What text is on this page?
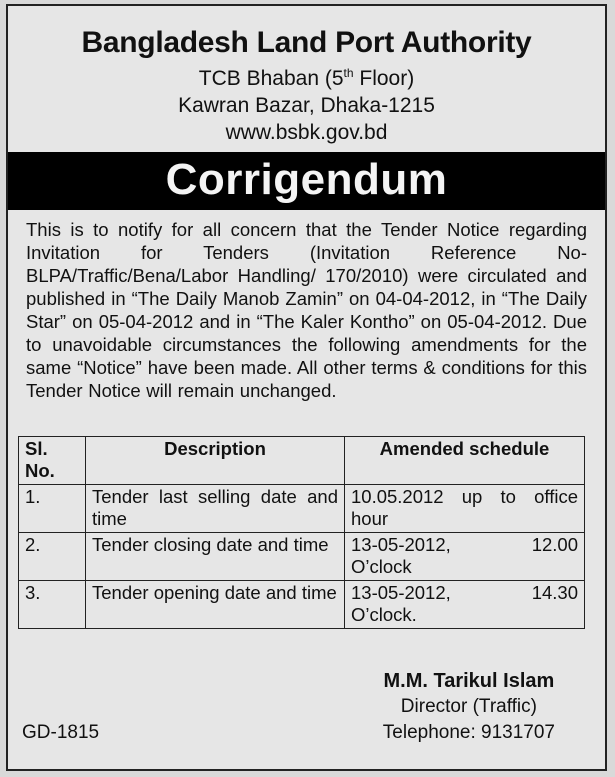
Bangladesh Land Port Authority
TCB Bhaban (5th Floor)
Kawran Bazar, Dhaka-1215
www.bsbk.gov.bd
Corrigendum
This is to notify for all concern that the Tender Notice regarding Invitation for Tenders (Invitation Reference No-BLPA/Traffic/Bena/Labor Handling/ 170/2010) were circulated and published in “The Daily Manob Zamin” on 04-04-2012, in “The Daily Star” on 05-04-2012 and in “The Kaler Kontho” on 05-04-2012. Due to unavoidable circumstances the following amendments for the same “Notice” have been made. All other terms & conditions for this Tender Notice will remain unchanged.
Sl. No.	Description	Amended schedule
1.	Tender last selling date and time	10.05.2012 up to office
hour

2.	Tender closing date and time	13-05-2012, 12.00
O’clock

3.	Tender opening date and time	13-05-2012, 14.30
O’clock.
M.M. Tarikul Islam
Director (Traffic)
Telephone: 9131707
GD-1815
